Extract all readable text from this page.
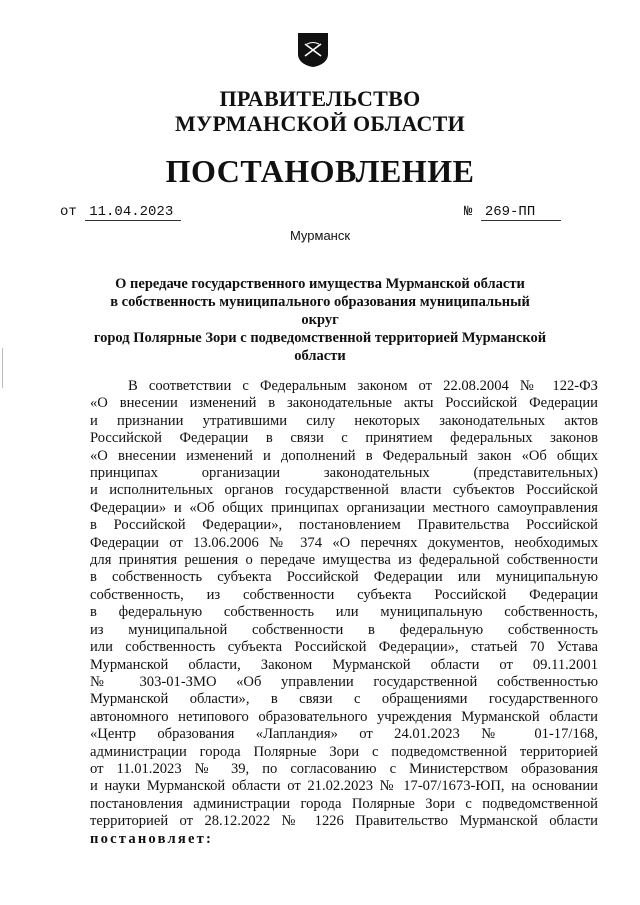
ПРАВИТЕЛЬСТВО
МУРМАНСКОЙ ОБЛАСТИ
ПОСТАНОВЛЕНИЕ
от 11.04.2023	№ 269-ПП
Мурманск
О передаче государственного имущества Мурманской области
в собственность муниципального образования муниципальный округ
город Полярные Зори с подведомственной территорией Мурманской
области
В соответствии с Федеральным законом от 22.08.2004 № 122-ФЗ
«О внесении изменений в законодательные акты Российской Федерации
и признании утратившими силу некоторых законодательных актов
Российской Федерации в связи с принятием федеральных законов
«О внесении изменений и дополнений в Федеральный закон «Об общих
принципах организации законодательных (представительных)
и исполнительных органов государственной власти субъектов Российской
Федерации» и «Об общих принципах организации местного самоуправления
в Российской Федерации», постановлением Правительства Российской
Федерации от 13.06.2006 № 374 «О перечнях документов, необходимых
для принятия решения о передаче имущества из федеральной собственности
в собственность субъекта Российской Федерации или муниципальную
собственность, из собственности субъекта Российской Федерации
в федеральную собственность или муниципальную собственность,
из муниципальной собственности в федеральную собственность
или собственность субъекта Российской Федерации», статьей 70 Устава
Мурманской области, Законом Мурманской области от 09.11.2001
№ 303-01-ЗМО «Об управлении государственной собственностью
Мурманской области», в связи с обращениями государственного
автономного нетипового образовательного учреждения Мурманской области
«Центр образования «Лапландия» от 24.01.2023 № 01-17/168,
администрации города Полярные Зори с подведомственной территорией
от 11.01.2023 № 39, по согласованию с Министерством образования
и науки Мурманской области от 21.02.2023 № 17-07/1673-ЮП, на основании
постановления администрации города Полярные Зори с подведомственной
территорией от 28.12.2022 № 1226 Правительство Мурманской области
постановляет:
